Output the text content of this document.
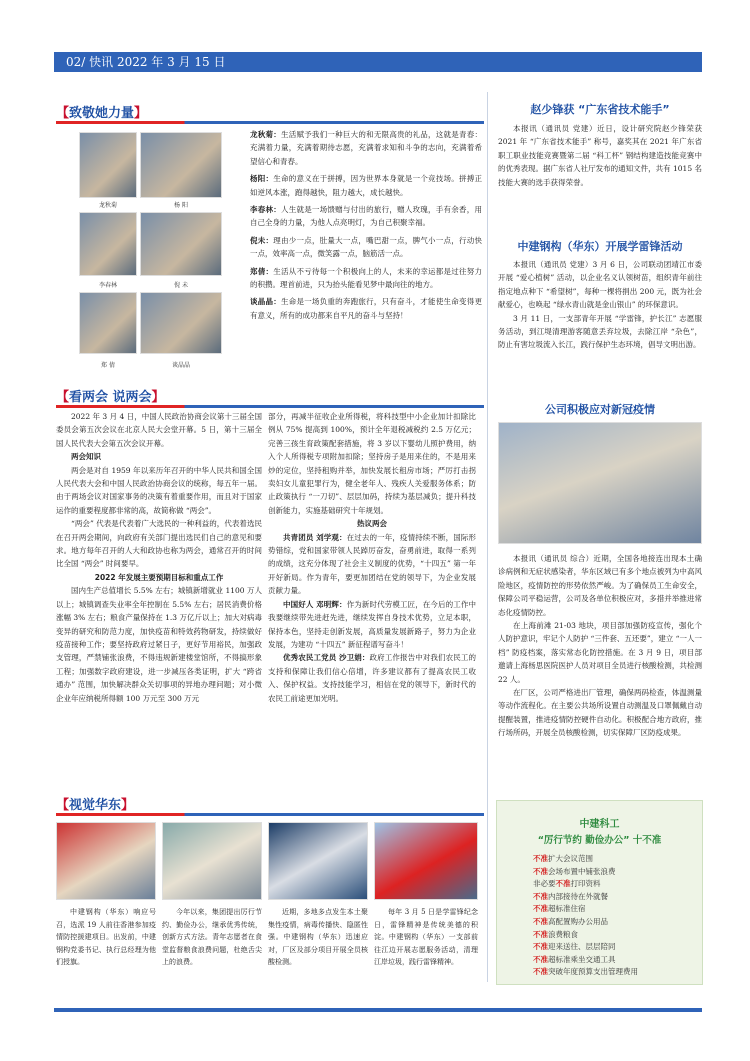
02/ 快讯 2022 年 3 月 15 日
【致敬她力量】
龙秋菊	杨 阳
李春林	倪 未
郑 倩	谈晶晶
龙秋菊：生活赋予我们一种巨大的和无限高贵的礼品，这就是青春：充满着力量，充满着期待志愿，充满着求知和斗争的志向，充满着希望信心和青春。
杨阳：生命的意义在于拼搏，因为世界本身就是一个竞技场。拼搏正如逆风本涨，跑得越快，阻力越大，成长越快。
李春林：人生就是一场馈赠与付出的旅行，赠人玫瑰，手有余香，用自己全身的力量，为他人点亮明灯，为自己积聚幸福。
倪未：理由少一点，肚量大一点，嘴巴甜一点，脾气小一点，行动快一点，效率高一点，微笑露一点，脑筋活一点。
郑倩：生活从不亏待每一个积极向上的人，未来的幸运都是过往努力的积攒。理首前进，只为抬头能看见梦中最向往的地方。
谈晶晶：生命是一场负重的奔跑旅行，只有奋斗，才能使生命变得更有意义，所有的成功都来自平凡的奋斗与坚持！
【看两会 说两会】
2022 年 3 月 4 日，中国人民政治协商会议第十三届全国委员会第五次会议在北京人民大会堂开幕。5 日，第十三届全国人民代表大会第五次会议开幕。
两会知识
两会是对自 1959 年以来历年召开的中华人民共和国全国人民代表大会和中国人民政治协商会议的统称，每五年一届。由于两场会议对国家事务的决策有着重要作用，而且对于国家运作的重要程度都非常的高，故简称做 “两会”。
“两会” 代表是代表着广大选民的一种利益的，代表着选民在召开两会期间，向政府有关部门提出选民们自己的意见和要求。地方每年召开的人大和政协也称为两会，通常召开的时间比全国 “两会” 时间要早。
2022 年发展主要预期目标和重点工作
国内生产总值增长 5.5% 左右；城镇新增就业 1100 万人以上；城镇调查失业率全年控制在 5.5% 左右；居民消费价格涨幅 3% 左右；粮食产量保持在 1.3 万亿斤以上；加大对病毒变异的研究和防范力度，加快疫苗和特效药物研发，持续做好疫苗接种工作；要坚持政府过紧日子，更好节用裕民，加强政支管理，严禁铺张浪费，不得违规新建楼堂馆所，不得搞形象工程；加强数字政府建设，进一步减压各类证明，扩大 “跨省通办” 范围，加快解决群众关切事项的异地办理问题；对小微企业年应纳税所得额 100 万元至 300 万元
部分，再减半征收企业所得税，将科技型中小企业加计扣除比例从 75% 提高到 100%，预计全年退税减税约 2.5 万亿元；完善三孩生育政策配套措施，将 3 岁以下婴幼儿照护费用，纳入个人所得税专项附加扣除；坚持房子是用来住的，不是用来炒的定位，坚持租购并举，加快发展长租房市场；严厉打击拐卖妇女儿童犯罪行为，健全老年人、残疾人关爱服务体系；防止政策执行 “一刀切”、层层加码，持续为基层减负；提升科技创新能力，实施基础研究十年规划。
热议两会
共青团员 刘学观：在过去的一年，疫情持续不断，国际形势错综，党和国家带领人民踔厉奋发，奋勇前进，取得一系列的成绩，这充分体现了社会主义制度的优势，“十四五” 第一年开好新局。作为青年，要更加团结在党的领导下，为企业发展贡献力量。
中国好人 邓明辉：作为新时代劳模工匠，在今后的工作中我要继续带先进赶先进，继续发挥自身技术优势，立足本职，保持本色，坚持走创新发展，高质量发展新路子，努力为企业发展，为建功 “十四五” 新征程谱写奋斗！
优秀农民工党员 沙卫娟：政府工作报告中对我们农民工的支持和保障让我们信心倍增，许多建议都有了提高农民工收入、保护权益。支持技能学习，相信在党的领导下，新时代的农民工前途更加光明。
赵少锋获 “广东省技术能手”
本报讯（通讯员 党建）近日，设计研究院赵少锋荣获 2021 年 “广东省技术能手” 称号，嘉奖其在 2021 年广东省职工职业技能竞赛暨第二届 “科工杯” 钢结构建造技能竞赛中的优秀表现。据广东省人社厅发布的通知文件，共有 1015 名技能大赛的选手获得荣誉。
中建钢构（华东）开展学雷锋活动
本报讯（通讯员 党建）3 月 6 日，公司联动团靖江市委开展 “爱心植树” 活动，以企业名义认领树苗，组织青年前往指定地点种下 “希望树”，每种一棵将捐出 200 元，既为社会献爱心，也唤起 “绿水青山就是金山银山” 的环保意识。
3 月 11 日，一支部青年开展 “学雷锋，护长江” 志愿服务活动，到江堤清理游客随意丢弃垃圾，去除江岸 “杂色”，防止有害垃圾流入长江，践行保护生态环境，倡导文明出游。
公司积极应对新冠疫情
本报讯（通讯员 综合）近期，全国各地接连出现本土确诊病例和无症状感染者，华东区域已有多个地点被列为中高风险地区，疫情防控的形势依然严峻。为了确保员工生命安全，保障公司平稳运营，公司及各单位积极应对，多措并举推进常态化疫情防控。
在上海前滩 21-03 地块，项目部加强防疫宣传，强化个人防护意识，牢记个人防护 “三件套、五还要”，建立 “一人一档” 防疫档案，落实常态化防控措施。在 3 月 9 日，项目部邀请上海杨思医院医护人员对项目全员进行核酸检测，共检测 22 人。
在厂区，公司严格进出厂管理，确保两码检查，体温测量等动作流程化。在主要公共场所设置自动测温及口罩佩戴自动提醒装置，推进疫情防控硬件自动化。积极配合地方政府，推行场所码，开展全员核酸检测，切实保障厂区防疫成果。
中建科工
“厉行节约 勤俭办公” 十不准
不准扩大会议范围
不准会场布置中铺张浪费
非必要不准打印资料
不准内部接待在外就餐
不准超标准住宿
不准高配置购办公用品
不准浪费粮食
不准迎来送往、层层陪同
不准超标准乘坐交通工具
不准突破年度预算支出管理费用
【视觉华东】
中建钢构（华东）响应号召，选派 19 人前往香港参加疫情防控援建项目。出发前，中建钢构党委书记、执行总经理为他们授旗。
今年以来，集团提出厉行节约、勤俭办公，继承优秀传统，创新方式方法。青年志愿者在食堂监督粮食浪费问题，杜绝舌尖上的浪费。
近期，多地多点发生本土聚集性疫情，病毒传播快、隐匿性强。中建钢构（华东）迅速应对，厂区及部分项目开展全员核酸检测。
每年 3 月 5 日是学雷锋纪念日，雷锋精神是传统美德的积淀。中建钢构（华东）一支部前往江边开展志愿服务活动，清理江岸垃圾，践行雷锋精神。
